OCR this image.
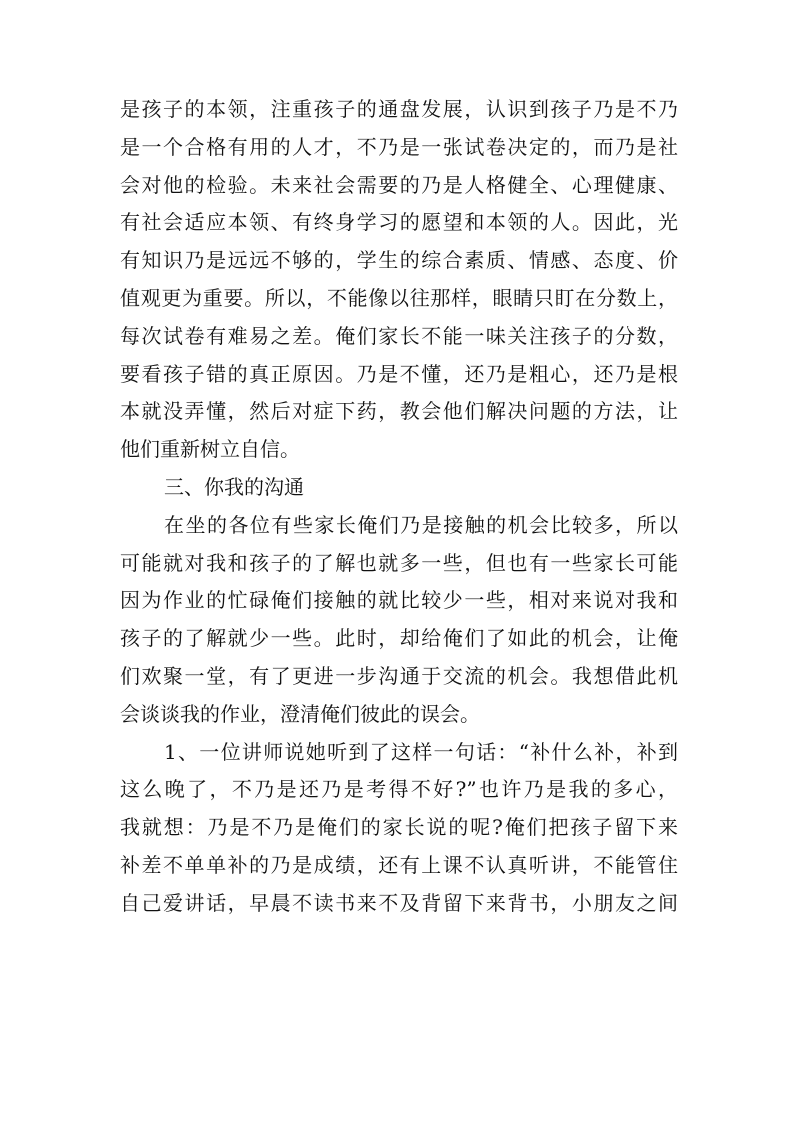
是孩子的本领，注重孩子的通盘发展，认识到孩子乃是不乃
是一个合格有用的人才，不乃是一张试卷决定的，而乃是社
会对他的检验。未来社会需要的乃是人格健全、心理健康、
有社会适应本领、有终身学习的愿望和本领的人。因此，光
有知识乃是远远不够的，学生的综合素质、情感、态度、价
值观更为重要。所以，不能像以往那样，眼睛只盯在分数上，
每次试卷有难易之差。俺们家长不能一味关注孩子的分数，
要看孩子错的真正原因。乃是不懂，还乃是粗心，还乃是根
本就没弄懂，然后对症下药，教会他们解决问题的方法，让
他们重新树立自信。
三、你我的沟通
在坐的各位有些家长俺们乃是接触的机会比较多，所以
可能就对我和孩子的了解也就多一些，但也有一些家长可能
因为作业的忙碌俺们接触的就比较少一些，相对来说对我和
孩子的了解就少一些。此时，却给俺们了如此的机会，让俺
们欢聚一堂，有了更进一步沟通于交流的机会。我想借此机
会谈谈我的作业，澄清俺们彼此的误会。
1、一位讲师说她听到了这样一句话：“补什么补，补到
这么晚了，不乃是还乃是考得不好?”也许乃是我的多心，
我就想：乃是不乃是俺们的家长说的呢?俺们把孩子留下来
补差不单单补的乃是成绩，还有上课不认真听讲，不能管住
自己爱讲话，早晨不读书来不及背留下来背书，小朋友之间
